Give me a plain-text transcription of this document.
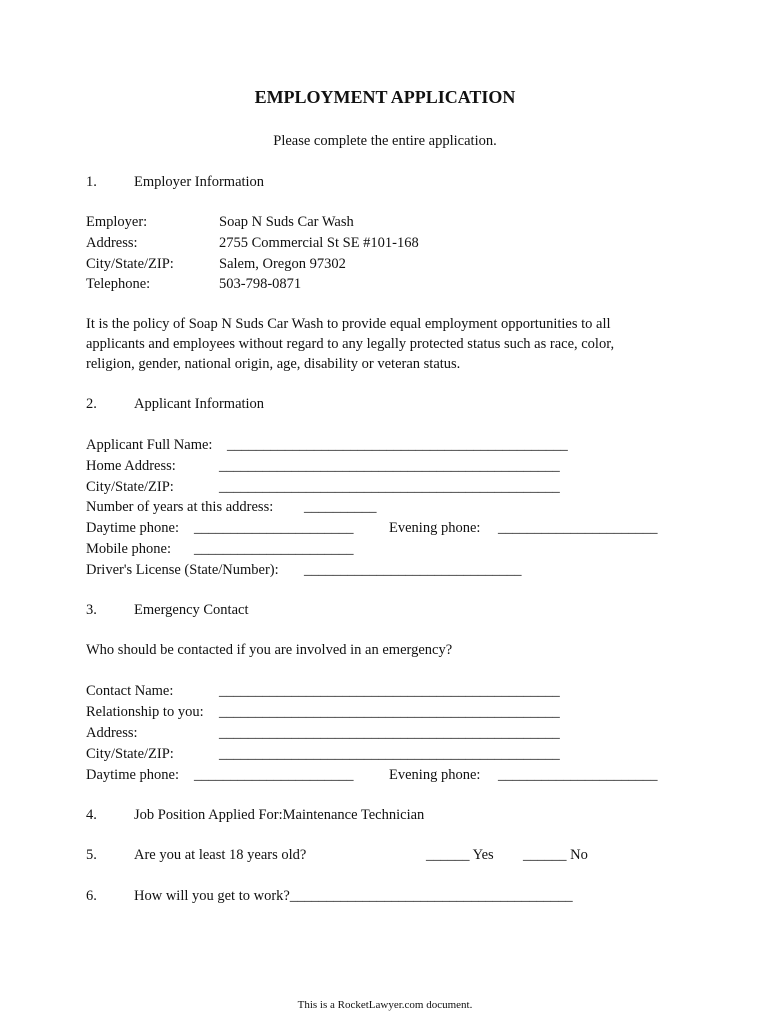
EMPLOYMENT APPLICATION
Please complete the entire application.
1.	Employer Information
Employer:	Soap N Suds Car Wash
Address:	2755 Commercial St SE #101-168
City/State/ZIP:	Salem, Oregon 97302
Telephone:	503-798-0871
It is the policy of Soap N Suds Car Wash to provide equal employment opportunities to all applicants and employees without regard to any legally protected status such as race, color, religion, gender, national origin, age, disability or veteran status.
2.	Applicant Information
Applicant Full Name: _______________________________________________
Home Address:	_______________________________________________
City/State/ZIP:	_______________________________________________
Number of years at this address: __________
Daytime phone: ______________________ Evening phone: ______________________
Mobile phone: ______________________
Driver's License (State/Number): ______________________________
3.	Emergency Contact
Who should be contacted if you are involved in an emergency?
Contact Name:	_______________________________________________
Relationship to you: _______________________________________________
Address:	_______________________________________________
City/State/ZIP:	_______________________________________________
Daytime phone: ______________________ Evening phone: ______________________
4.	Job Position Applied For:Maintenance Technician
5.	Are you at least 18 years old?	______ Yes ______ No
6.	How will you get to work?_______________________________________
This is a RocketLawyer.com document.
